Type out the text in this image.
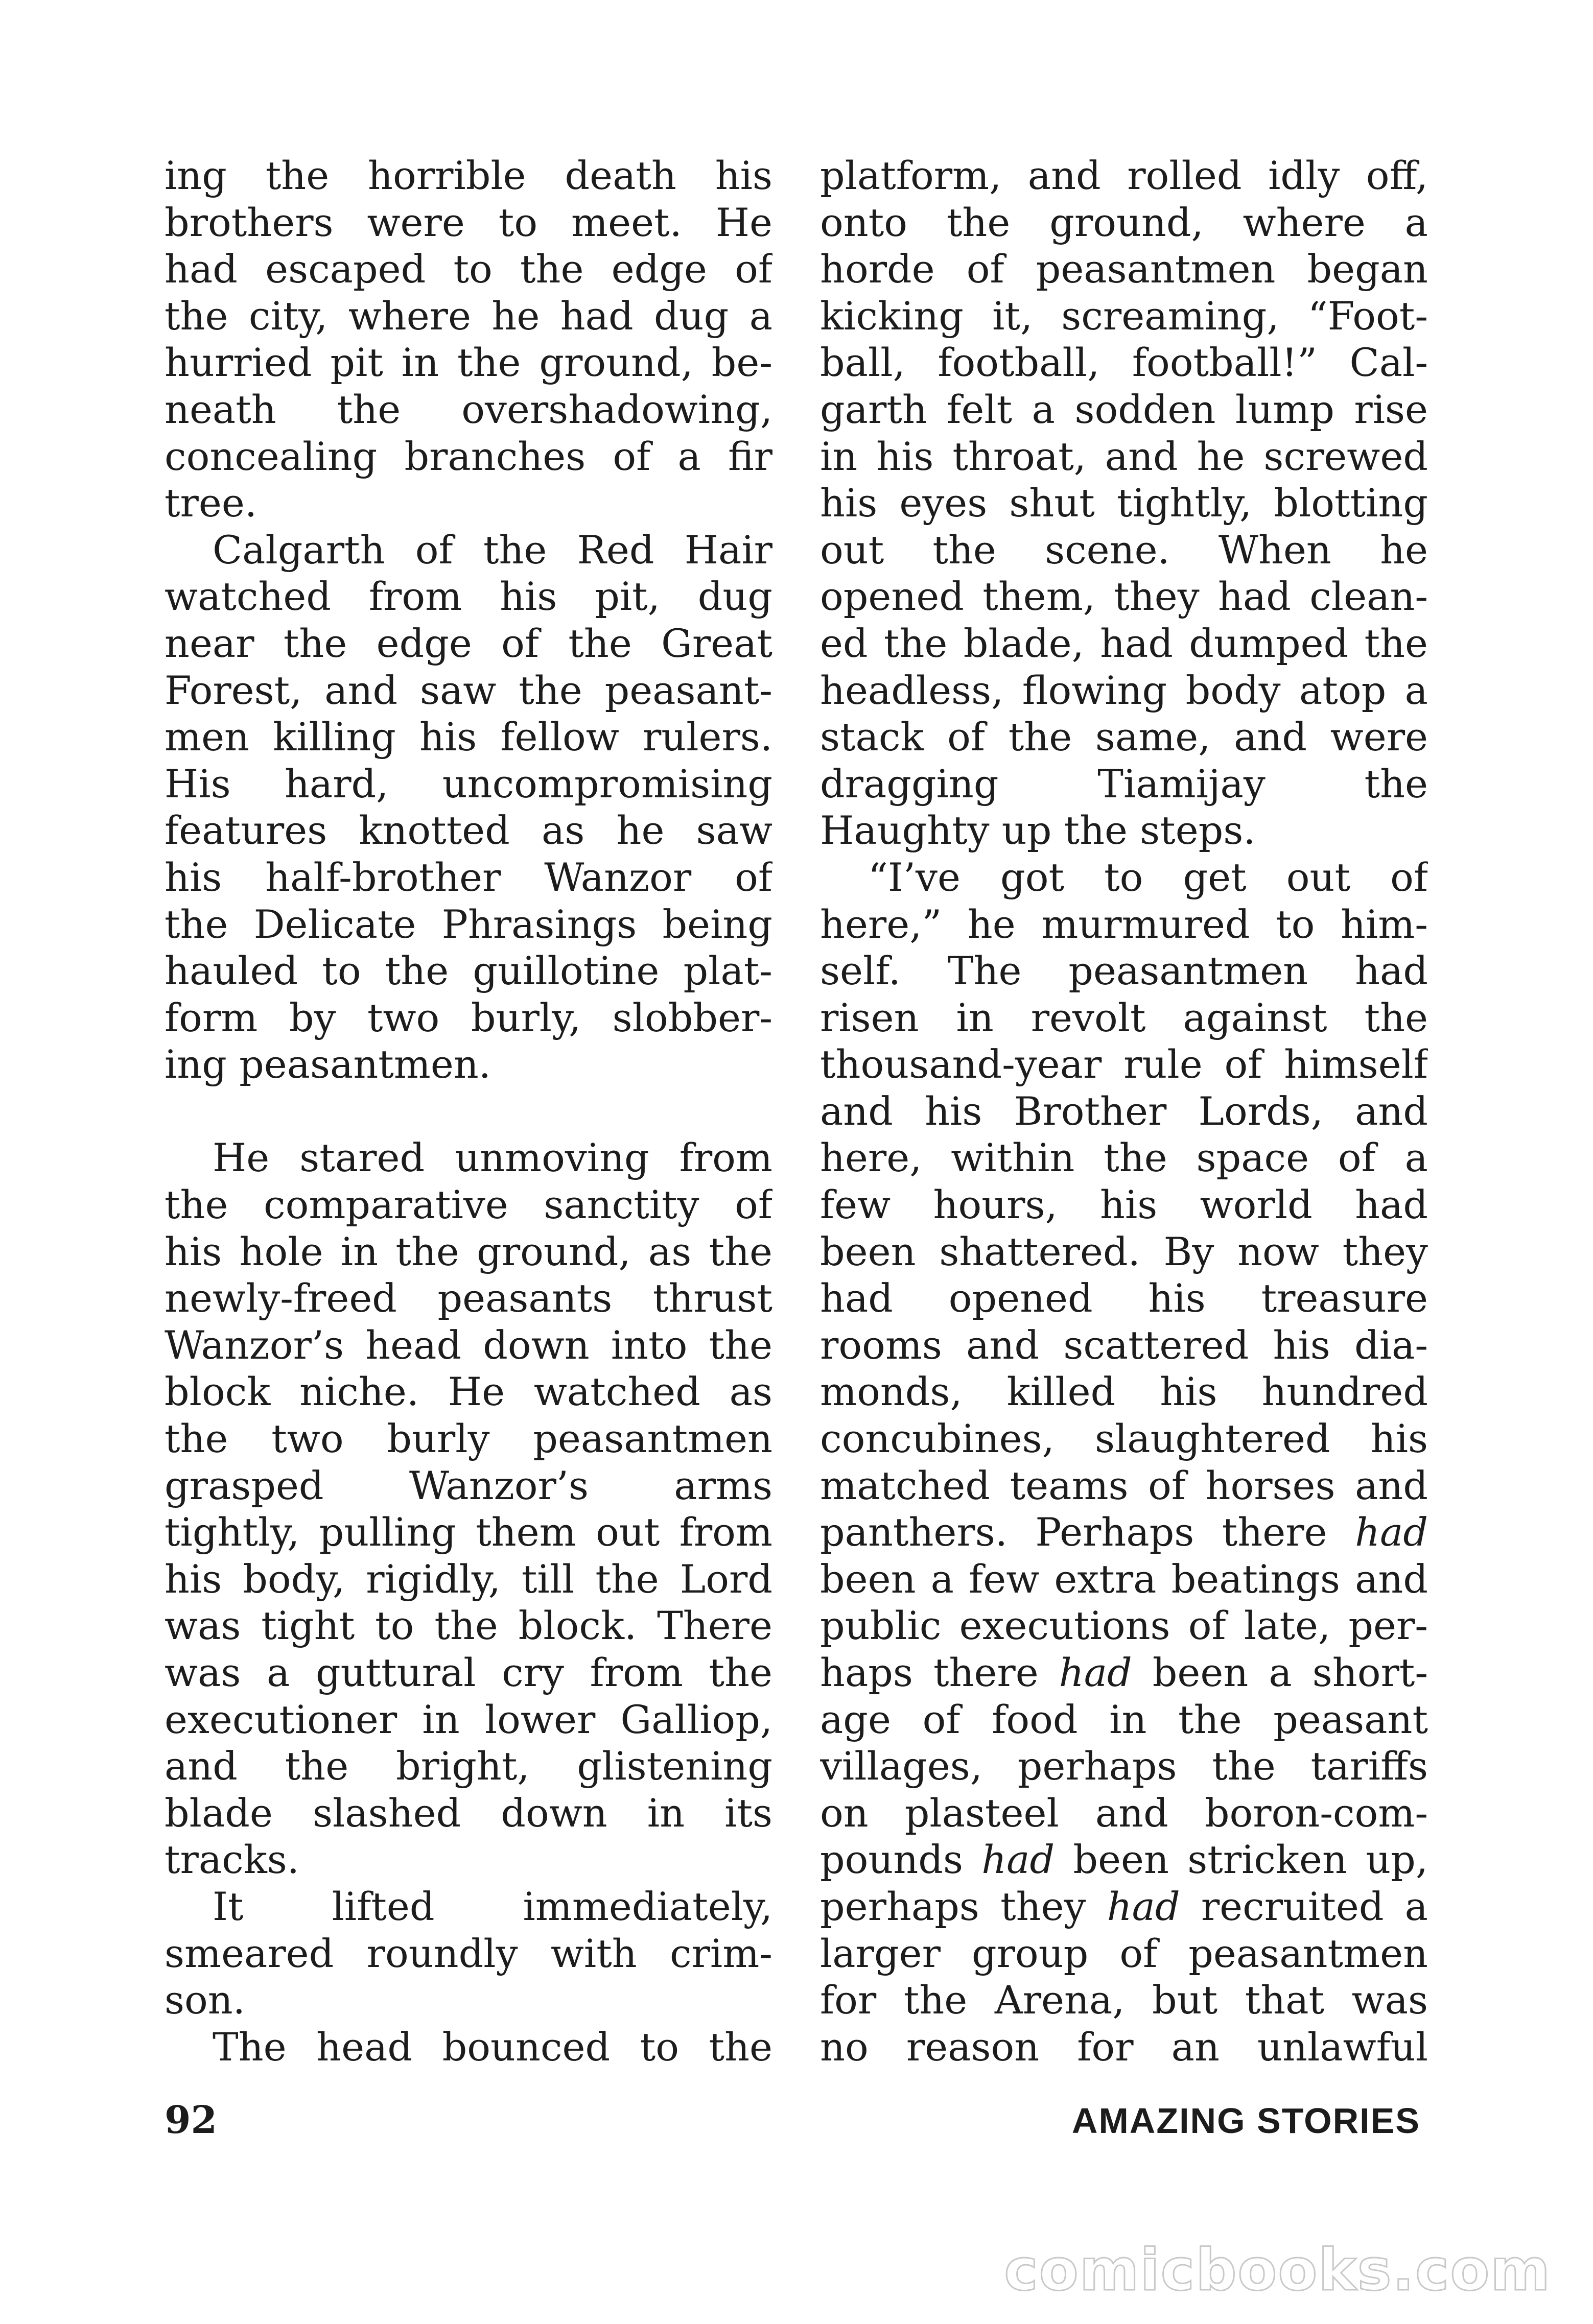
ing the horrible death his
brothers were to meet. He
had escaped to the edge of
the city, where he had dug a
hurried pit in the ground, be-
neath the overshadowing,
concealing branches of a fir
tree.

Calgarth of the Red Hair
watched from his pit, dug
near the edge of the Great
Forest, and saw the peasant-
men killing his fellow rulers.
His hard, uncompromising
features knotted as he saw
his half-brother Wanzor of
the Delicate Phrasings being
hauled to the guillotine plat-
form by two burly, slobber-
ing peasantmen.

He stared unmoving from
the comparative sanctity of
his hole in the ground, as the
newly-freed peasants thrust
Wanzor’s head down into the
block niche. He watched as
the two burly peasantmen
grasped Wanzor’s arms
tightly, pulling them out from
his body, rigidly, till the Lord
was tight to the block. There
was a guttural cry from the
executioner in lower Galliop,
and the bright, glistening
blade slashed down in its
tracks.

It lifted immediately,
smeared roundly with crim-
son.

The head bounced to the

platform, and rolled idly off,
onto the ground, where a
horde of peasantmen began
kicking it, screaming, “Foot-
ball, football, football!” Cal-
garth felt a sodden lump rise
in his throat, and he screwed
his eyes shut tightly, blotting
out the scene. When he
opened them, they had clean-
ed the blade, had dumped the
headless, flowing body atop a
stack of the same, and were
dragging Tiamijay the
Haughty up the steps.

“I’ve got to get out of
here,” he murmured to him-
self. The peasantmen had
risen in revolt against the
thousand-year rule of himself
and his Brother Lords, and
here, within the space of a
few hours, his world had
been shattered. By now they
had opened his treasure
rooms and scattered his dia-
monds, killed his hundred
concubines, slaughtered his
matched teams of horses and
panthers. Perhaps there had
been a few extra beatings and
public executions of late, per-
haps there had been a short-
age of food in the peasant
villages, perhaps the tariffs
on plasteel and boron-com-
pounds had been stricken up,
perhaps they had recruited a
larger group of peasantmen
for the Arena, but that was
no reason for an unlawful

92	AMAZING STORIES
comicbooks.com
